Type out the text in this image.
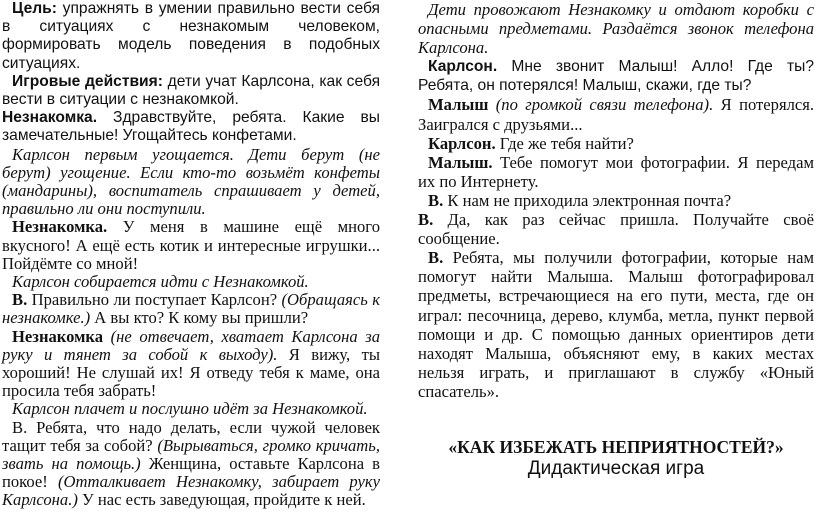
Цель: упражнять в умении правильно вести себя в ситуациях с незнакомым человеком, формировать модель поведения в подобных ситуациях.

Игровые действия: дети учат Карлсона, как себя вести в ситуации с незнакомкой.

Незнакомка. Здравствуйте, ребята. Какие вы замечательные! Угощайтесь конфетами.

Карлсон первым угощается. Дети берут (не берут) угощение. Если кто-то возьмёт конфеты (мандарины), воспитатель спрашивает у детей, правильно ли они поступили.

Незнакомка. У меня в машине ещё много вкусного! А ещё есть котик и интересные игрушки... Пойдёмте со мной!

Карлсон собирается идти с Незнакомкой.

В. Правильно ли поступает Карлсон? (Обращаясь к незнакомке.) А вы кто? К кому вы пришли?

Незнакомка (не отвечает, хватает Карлсона за руку и тянет за собой к выходу). Я вижу, ты хороший! Не слушай их! Я отведу тебя к маме, она просила тебя забрать!

Карлсон плачет и послушно идёт за Незнакомкой.

В. Ребята, что надо делать, если чужой человек тащит тебя за собой? (Вырываться, громко кричать, звать на помощь.) Женщина, оставьте Карлсона в покое! (Отталкивает Незнакомку, забирает руку Карлсона.) У нас есть заведующая, пройдите к ней.

Дети провожают Незнакомку и отдают коробки с опасными предметами. Раздаётся звонок телефона Карлсона.

Карлсон. Мне звонит Малыш! Алло! Где ты? Ребята, он потерялся! Малыш, скажи, где ты?

Малыш (по громкой связи телефона). Я потерялся. Заигрался с друзьями...

Карлсон. Где же тебя найти?

Малыш. Тебе помогут мои фотографии. Я передам их по Интернету.

В. К нам не приходила электронная почта?

В. Да, как раз сейчас пришла. Получайте своё сообщение.

В. Ребята, мы получили фотографии, которые нам помогут найти Малыша. Малыш фотографировал предметы, встречающиеся на его пути, места, где он играл: песочница, дерево, клумба, метла, пункт первой помощи и др. С помощью данных ориентиров дети находят Малыша, объясняют ему, в каких местах нельзя играть, и приглашают в службу «Юный спасатель».

«КАК ИЗБЕЖАТЬ НЕПРИЯТНОСТЕЙ?»
Дидактическая игра
